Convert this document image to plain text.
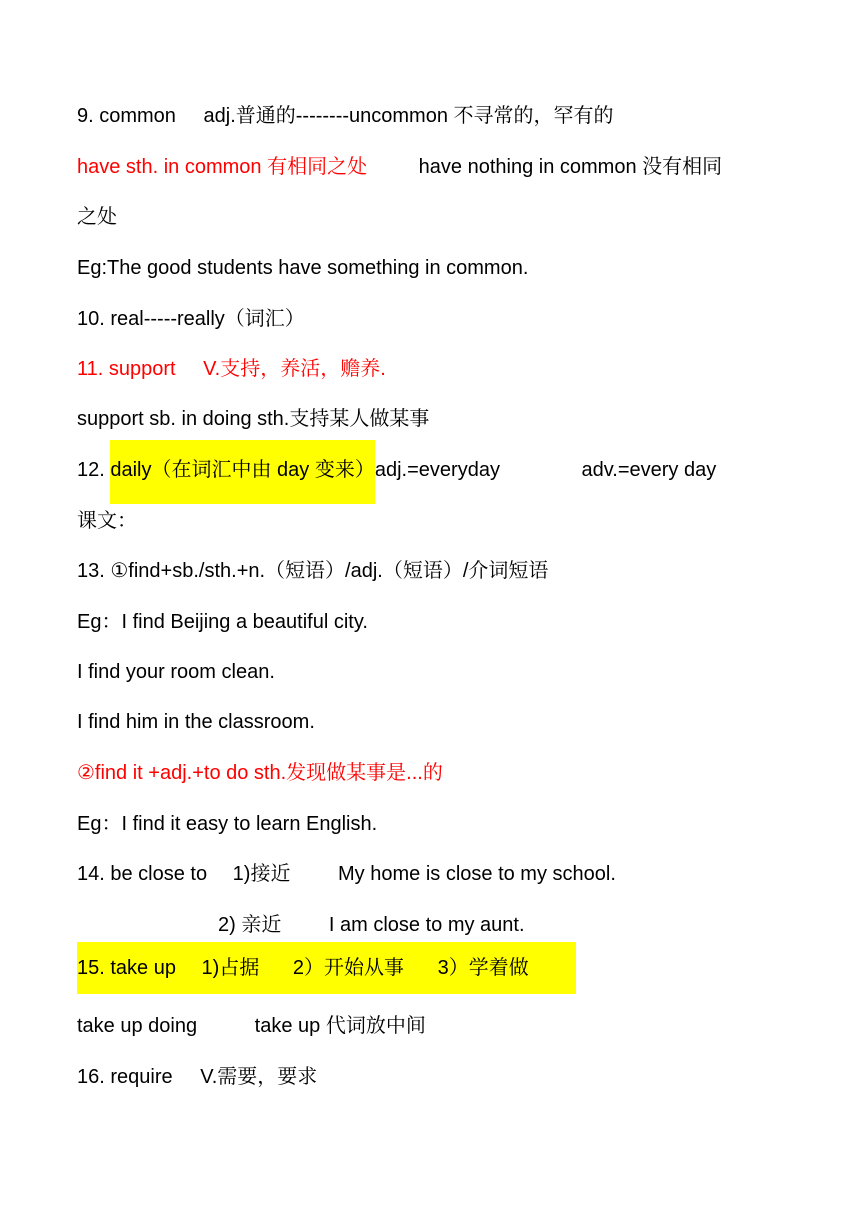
9. common adj.普通的--------uncommon 不寻常的，罕有的
have sth. in common 有相同之处	have nothing in common 没有相同
之处
Eg:The good students have something in common.
10. real-----really（词汇）
11. support V.支持，养活，赡养.
support sb. in doing sth.支持某人做某事
12. daily（在词汇中由 day 变来）adj.=everyday	adv.=every day
课文：
13. ①find+sb./sth.+n.（短语）/adj.（短语）/介词短语
Eg：I find Beijing a beautiful city.
I find your room clean.
I find him in the classroom.
②find it +adj.+to do sth.发现做某事是...的
Eg：I find it easy to learn English.
14. be close to 1)接近 My home is close to my school.
2) 亲近 I am close to my aunt.
15. take up 1)占据 2）开始从事 3）学着做
take up doing	take up 代词放中间
16. require V.需要，要求
